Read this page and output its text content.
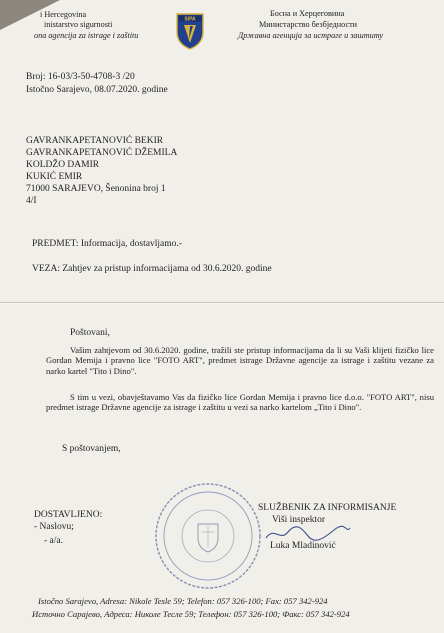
i Hercegovina
inistarstvo sigurnosti
ona agencija za istrage i zaštitu
SIPA
Босна и Херцеговина
Министарство безбједности
Државна агенција за истраге и заштиту
Broj: 16-03/3-50-4708-3 /20
Istočno Sarajevo, 08.07.2020. godine
GAVRANKAPETANOVIĆ BEKIR
GAVRANKAPETANOVIĆ DŽEMILA
KOLDŽO DAMIR
KUKIĆ EMIR
71000 SARAJEVO, Šenonina broj 1
4/I
PREDMET: Informacija, dostavljamo.-
VEZA: Zahtjev za pristup informacijama od 30.6.2020. godine
Poštovani,
Vašim zahtjevom od 30.6.2020. godine, tražili ste pristup informacijama da li su Vaši klijeti fizičko lice Gordan Memija i pravno lice "FOTO ART", predmet istrage Državne agencije za istrage i zaštitu vezane za narko kartel "Tito i Dino".
S tim u vezi, obavještavamo Vas da fizičko lice Gordan Memija i pravno lice d.o.o. "FOTO ART", nisu predmet istrage Državne agencije za istrage i zaštitu u vezi sa narko kartelom „Tito i Dino".
S poštovanjem,
DOSTAVLJENO:
- Naslovu;
- a/a.
SLUŽBENIK ZA INFORMISANJE
Viši inspektor
Luka Mladinović
Istočno Sarajevo, Adresa: Nikole Tesle 59; Telefon: 057 326-100; Fax: 057 342-924
Источно Сарајево, Адреса: Николе Тесле 59; Телефон: 057 326-100; Факс: 057 342-924
